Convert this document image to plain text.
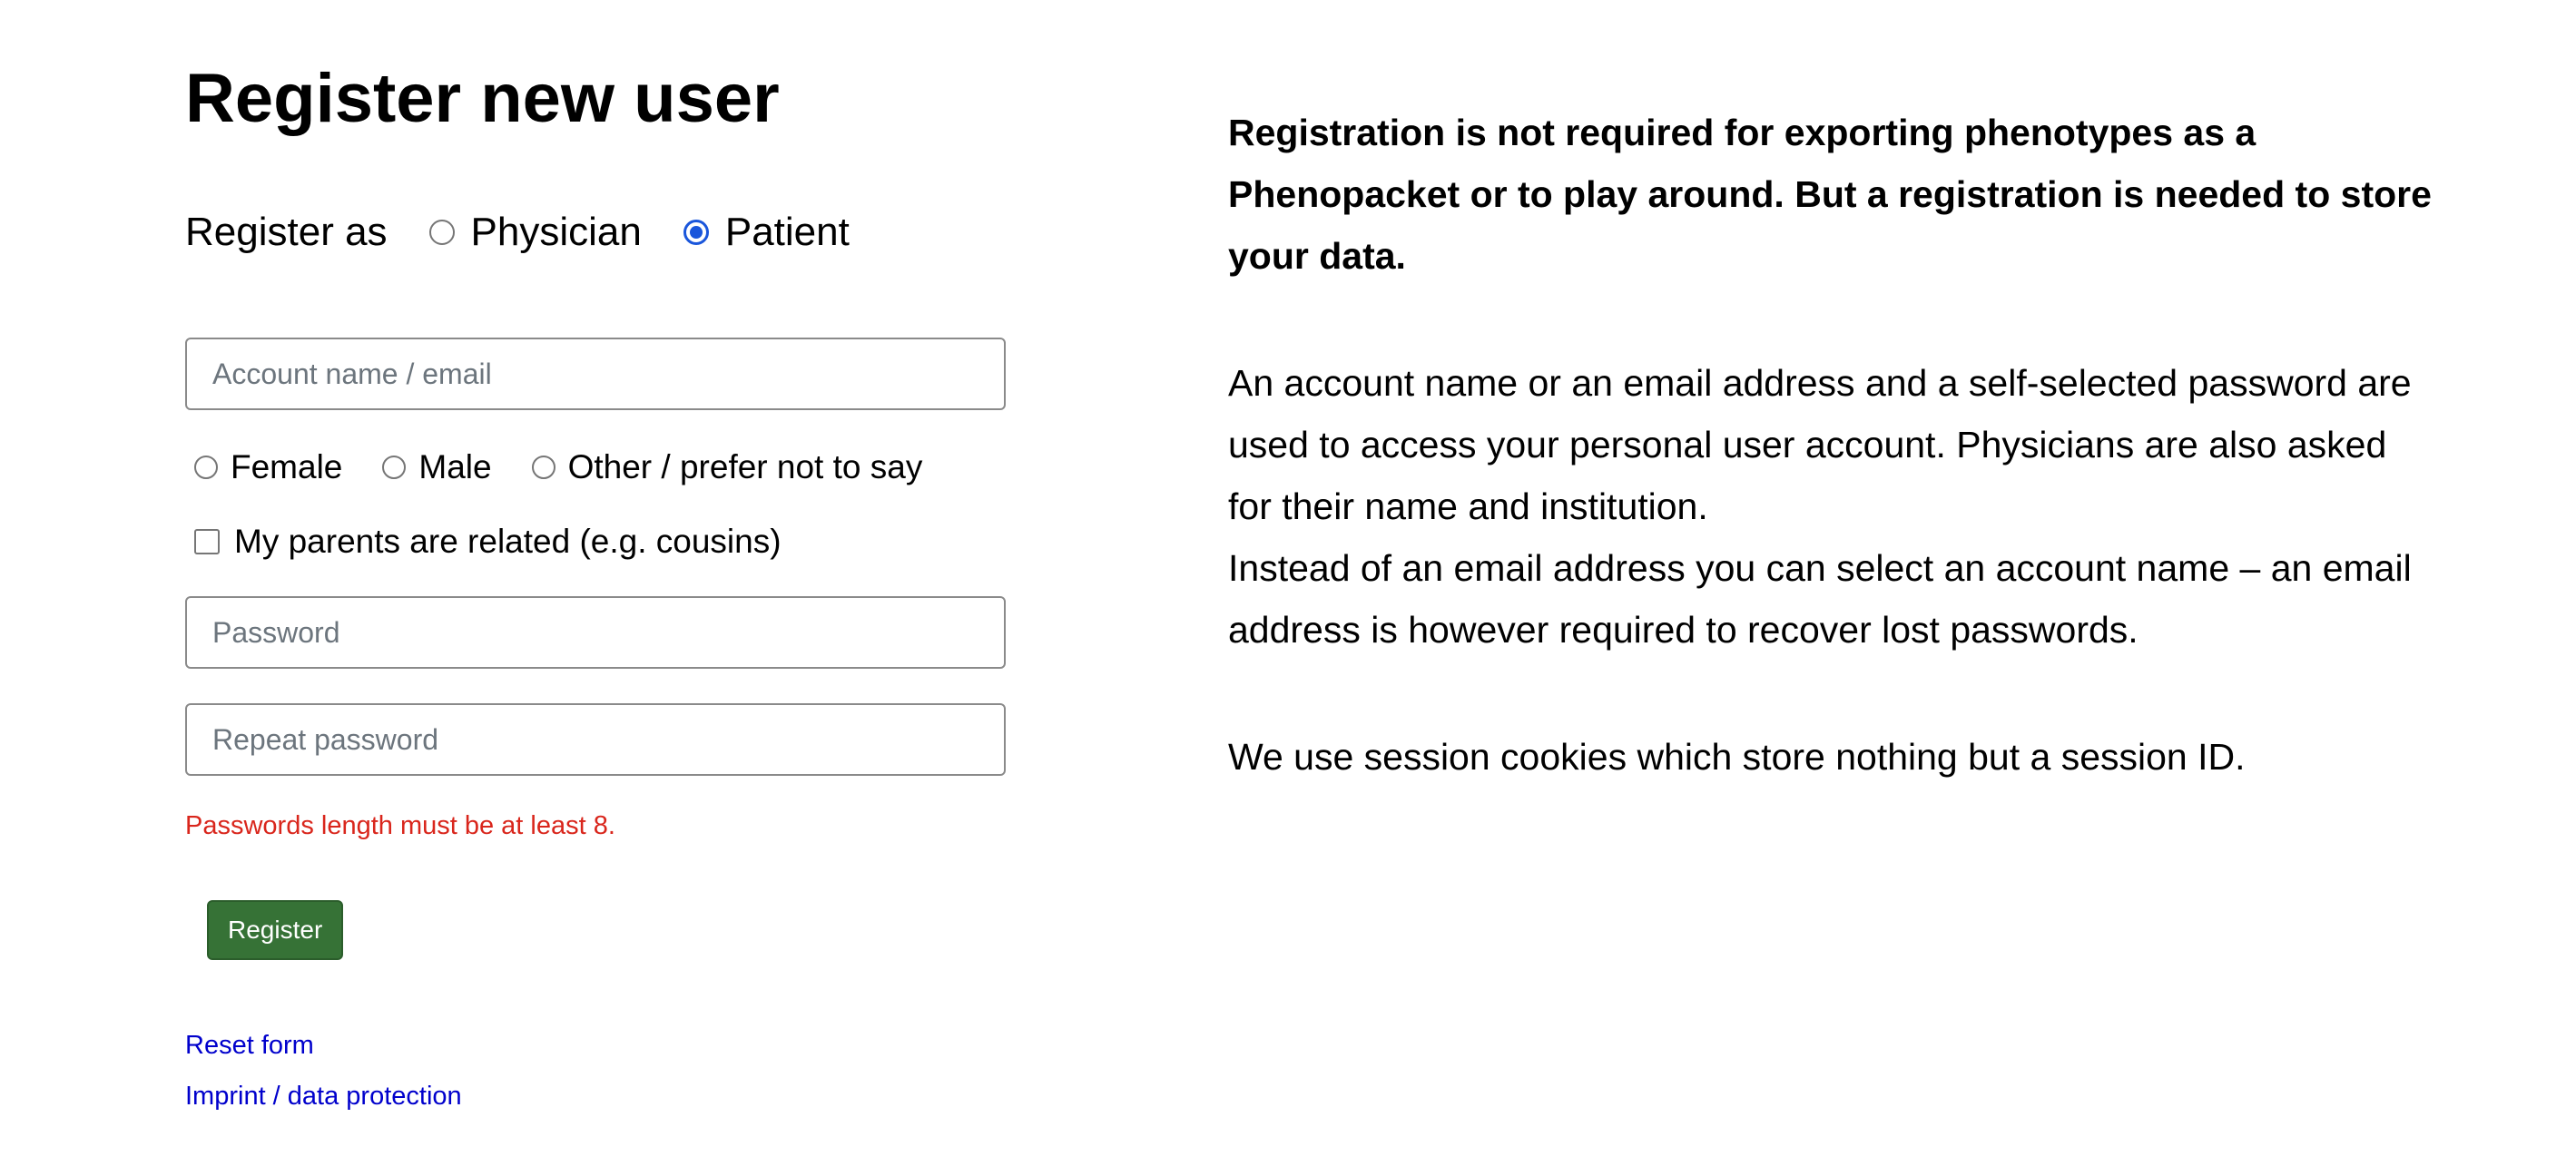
Register new user
Register as Physician Patient
Account name / email
Female Male Other / prefer not to say
My parents are related (e.g. cousins)
Passwords length must be at least 8.
Register
Reset form
Imprint / data protection

Registration is not required for exporting phenotypes as a Phenopacket or to play around. But a registration is needed to store your data.

An account name or an email address and a self-selected password are used to access your personal user account. Physicians are also asked for their name and institution.

Instead of an email address you can select an account name – an email address is however required to recover lost passwords.

We use session cookies which store nothing but a session ID.
